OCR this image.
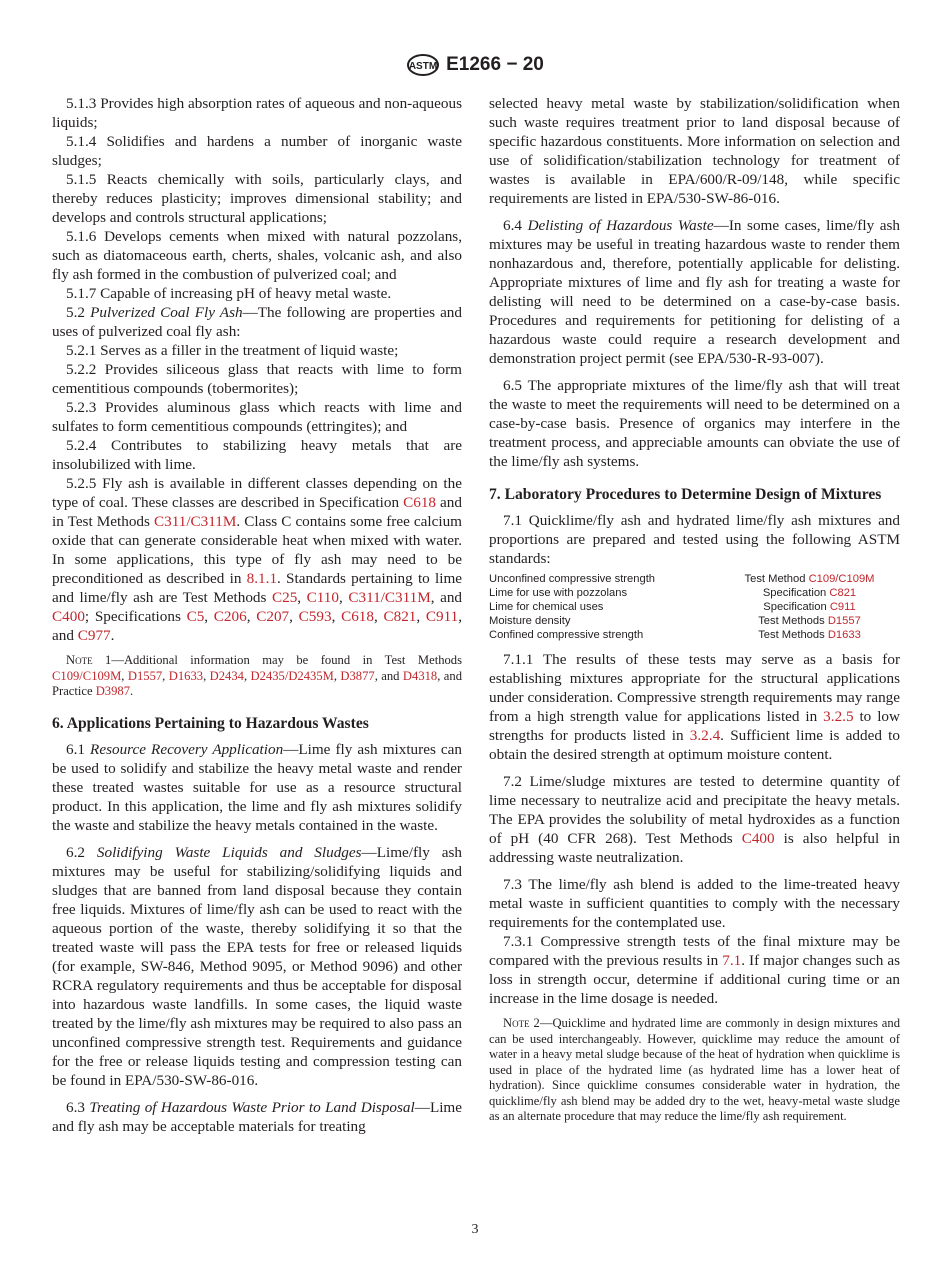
ASTM E1266 − 20

5.1.3 Provides high absorption rates of aqueous and non-aqueous liquids;

5.1.4 Solidifies and hardens a number of inorganic waste sludges;

5.1.5 Reacts chemically with soils, particularly clays, and thereby reduces plasticity; improves dimensional stability; and develops and controls structural applications;

5.1.6 Develops cements when mixed with natural pozzolans, such as diatomaceous earth, cherts, shales, volcanic ash, and also fly ash formed in the combustion of pulverized coal; and

5.1.7 Capable of increasing pH of heavy metal waste.

5.2 Pulverized Coal Fly Ash—The following are properties and uses of pulverized coal fly ash:

5.2.1 Serves as a filler in the treatment of liquid waste;

5.2.2 Provides siliceous glass that reacts with lime to form cementitious compounds (tobermorites);

5.2.3 Provides aluminous glass which reacts with lime and sulfates to form cementitious compounds (ettringites); and

5.2.4 Contributes to stabilizing heavy metals that are insolubilized with lime.

5.2.5 Fly ash is available in different classes depending on the type of coal. These classes are described in Specification C618 and in Test Methods C311/C311M. Class C contains some free calcium oxide that can generate considerable heat when mixed with water. In some applications, this type of fly ash may need to be preconditioned as described in 8.1.1. Standards pertaining to lime and lime/fly ash are Test Methods C25, C110, C311/C311M, and C400; Specifications C5, C206, C207, C593, C618, C821, C911, and C977.

Note 1—Additional information may be found in Test Methods C109/C109M, D1557, D1633, D2434, D2435/D2435M, D3877, and D4318, and Practice D3987.

6. Applications Pertaining to Hazardous Wastes

6.1 Resource Recovery Application—Lime fly ash mixtures can be used to solidify and stabilize the heavy metal waste and render these treated wastes suitable for use as a resource structural product. In this application, the lime and fly ash mixtures solidify the waste and stabilize the heavy metals contained in the waste.

6.2 Solidifying Waste Liquids and Sludges—Lime/fly ash mixtures may be useful for stabilizing/solidifying liquids and sludges that are banned from land disposal because they contain free liquids. Mixtures of lime/fly ash can be used to react with the aqueous portion of the waste, thereby solidifying it so that the treated waste will pass the EPA tests for free or released liquids (for example, SW-846, Method 9095, or Method 9096) and other RCRA regulatory requirements and thus be acceptable for disposal into hazardous waste landfills. In some cases, the liquid waste treated by the lime/fly ash mixtures may be required to also pass an unconfined compressive strength test. Requirements and guidance for the free or release liquids testing and compression testing can be found in EPA/530-SW-86-016.

6.3 Treating of Hazardous Waste Prior to Land Disposal—Lime and fly ash may be acceptable materials for treating

selected heavy metal waste by stabilization/solidification when such waste requires treatment prior to land disposal because of specific hazardous constituents. More information on selection and use of solidification/stabilization technology for treatment of wastes is available in EPA/600/R-09/148, while specific requirements are listed in EPA/530-SW-86-016.

6.4 Delisting of Hazardous Waste—In some cases, lime/fly ash mixtures may be useful in treating hazardous waste to render them nonhazardous and, therefore, potentially applicable for delisting. Appropriate mixtures of lime and fly ash for treating a waste for delisting will need to be determined on a case-by-case basis. Procedures and requirements for petitioning for delisting of a hazardous waste could require a research development and demonstration project permit (see EPA/530-R-93-007).

6.5 The appropriate mixtures of the lime/fly ash that will treat the waste to meet the requirements will need to be determined on a case-by-case basis. Presence of organics may interfere in the treatment process, and appreciable amounts can obviate the use of the lime/fly ash systems.

7. Laboratory Procedures to Determine Design of Mixtures

7.1 Quicklime/fly ash and hydrated lime/fly ash mixtures and proportions are prepared and tested using the following ASTM standards:

Unconfined compressive strength	Test Method C109/C109M
Lime for use with pozzolans	Specification C821
Lime for chemical uses	Specification C911
Moisture density	Test Methods D1557
Confined compressive strength	Test Methods D1633

7.1.1 The results of these tests may serve as a basis for establishing mixtures appropriate for the structural applications under consideration. Compressive strength requirements may range from a high strength value for applications listed in 3.2.5 to low strengths for products listed in 3.2.4. Sufficient lime is added to obtain the desired strength at optimum moisture content.

7.2 Lime/sludge mixtures are tested to determine quantity of lime necessary to neutralize acid and precipitate the heavy metals. The EPA provides the solubility of metal hydroxides as a function of pH (40 CFR 268). Test Methods C400 is also helpful in addressing waste neutralization.

7.3 The lime/fly ash blend is added to the lime-treated heavy metal waste in sufficient quantities to comply with the necessary requirements for the contemplated use.

7.3.1 Compressive strength tests of the final mixture may be compared with the previous results in 7.1. If major changes such as loss in strength occur, determine if additional curing time or an increase in the lime dosage is needed.

Note 2—Quicklime and hydrated lime are commonly in design mixtures and can be used interchangeably. However, quicklime may reduce the amount of water in a heavy metal sludge because of the heat of hydration when quicklime is used in place of the hydrated lime (as hydrated lime has a lower heat of hydration). Since quicklime consumes considerable water in hydration, the quicklime/fly ash blend may be added dry to the wet, heavy-metal waste sludge as an alternate procedure that may reduce the lime/fly ash requirement.

3
